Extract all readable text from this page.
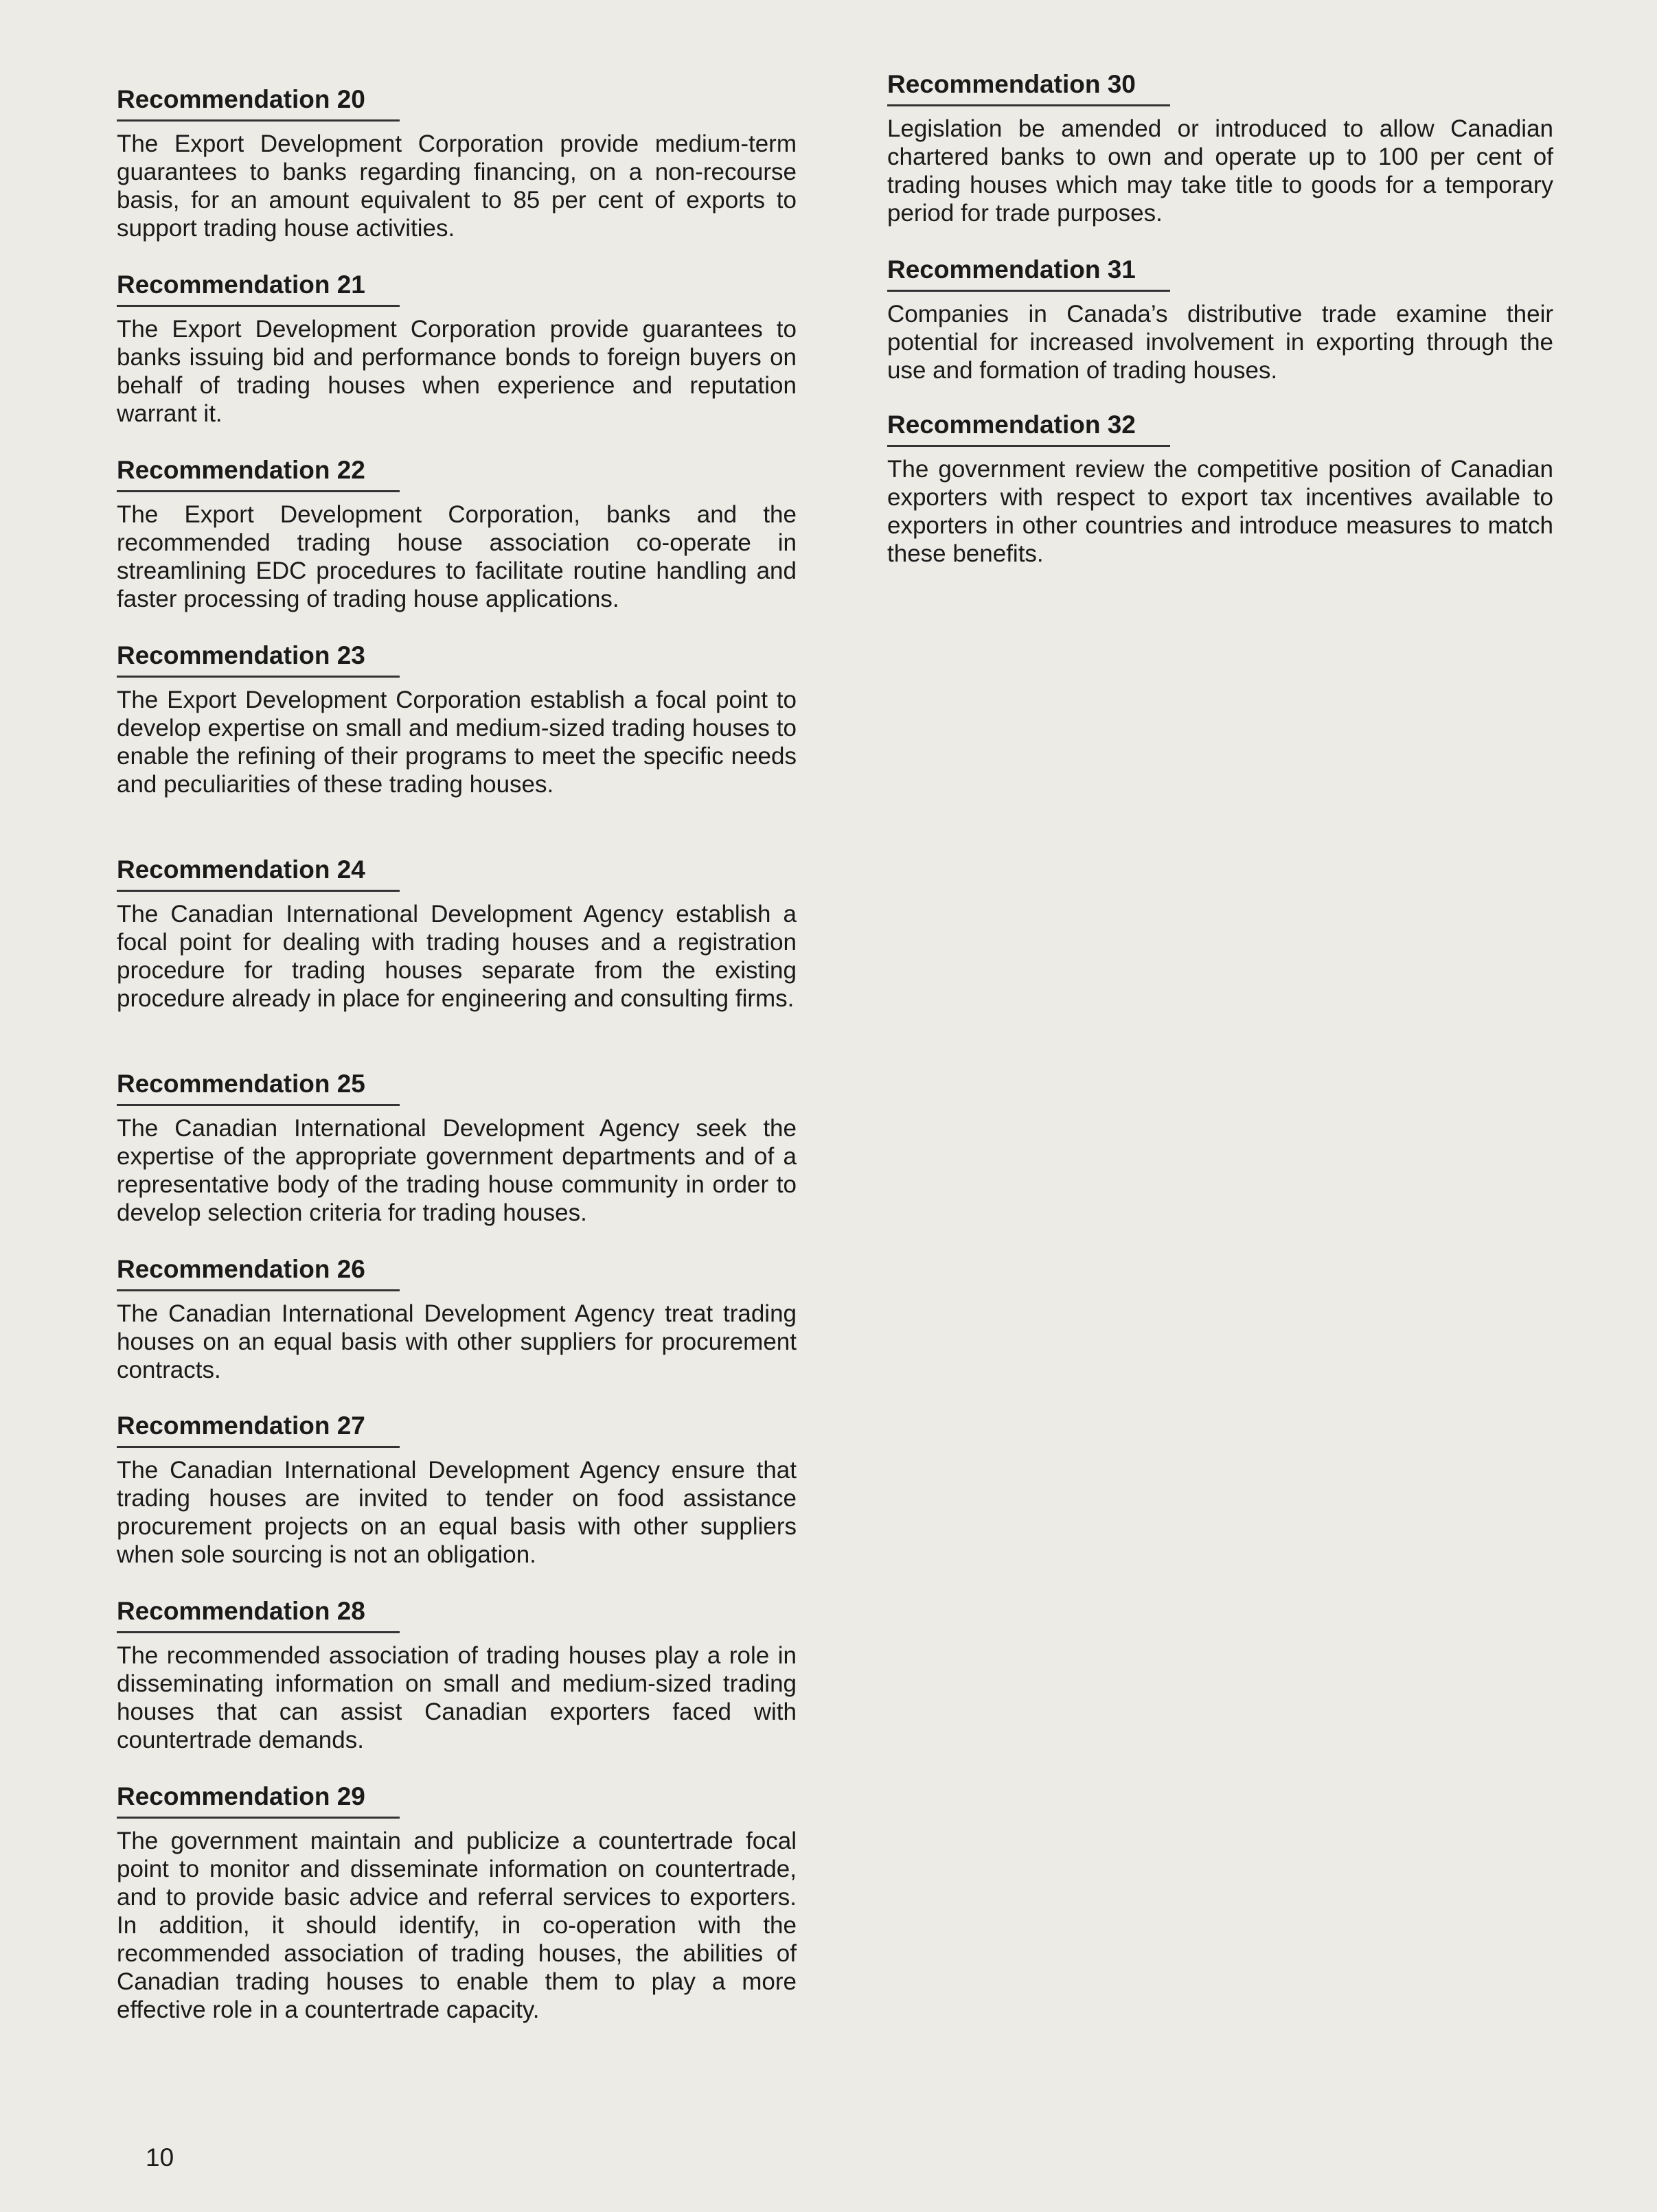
Recommendation 20

The Export Development Corporation provide medium-term guarantees to banks regarding financing, on a non-recourse basis, for an amount equivalent to 85 per cent of exports to support trading house activities.

Recommendation 21

The Export Development Corporation provide guarantees to banks issuing bid and performance bonds to foreign buyers on behalf of trading houses when experience and reputation warrant it.

Recommendation 22

The Export Development Corporation, banks and the recommended trading house association co-operate in streamlining EDC procedures to facilitate routine handling and faster processing of trading house applications.

Recommendation 23

The Export Development Corporation establish a focal point to develop expertise on small and medium-sized trading houses to enable the refining of their programs to meet the specific needs and peculiarities of these trading houses.

Recommendation 24

The Canadian International Development Agency establish a focal point for dealing with trading houses and a registration procedure for trading houses separate from the existing procedure already in place for engineering and consulting firms.

Recommendation 25

The Canadian International Development Agency seek the expertise of the appropriate government departments and of a representative body of the trading house community in order to develop selection criteria for trading houses.

Recommendation 26

The Canadian International Development Agency treat trading houses on an equal basis with other suppliers for procurement contracts.

Recommendation 27

The Canadian International Development Agency ensure that trading houses are invited to tender on food assistance procurement projects on an equal basis with other suppliers when sole sourcing is not an obligation.

Recommendation 28

The recommended association of trading houses play a role in disseminating information on small and medium-sized trading houses that can assist Canadian exporters faced with countertrade demands.

Recommendation 29

The government maintain and publicize a countertrade focal point to monitor and disseminate information on countertrade, and to provide basic advice and referral services to exporters. In addition, it should identify, in co-operation with the recommended association of trading houses, the abilities of Canadian trading houses to enable them to play a more effective role in a countertrade capacity.

Recommendation 30

Legislation be amended or introduced to allow Canadian chartered banks to own and operate up to 100 per cent of trading houses which may take title to goods for a temporary period for trade purposes.

Recommendation 31

Companies in Canada’s distributive trade examine their potential for increased involvement in exporting through the use and formation of trading houses.

Recommendation 32

The government review the competitive position of Canadian exporters with respect to export tax incentives available to exporters in other countries and introduce measures to match these benefits.

10
